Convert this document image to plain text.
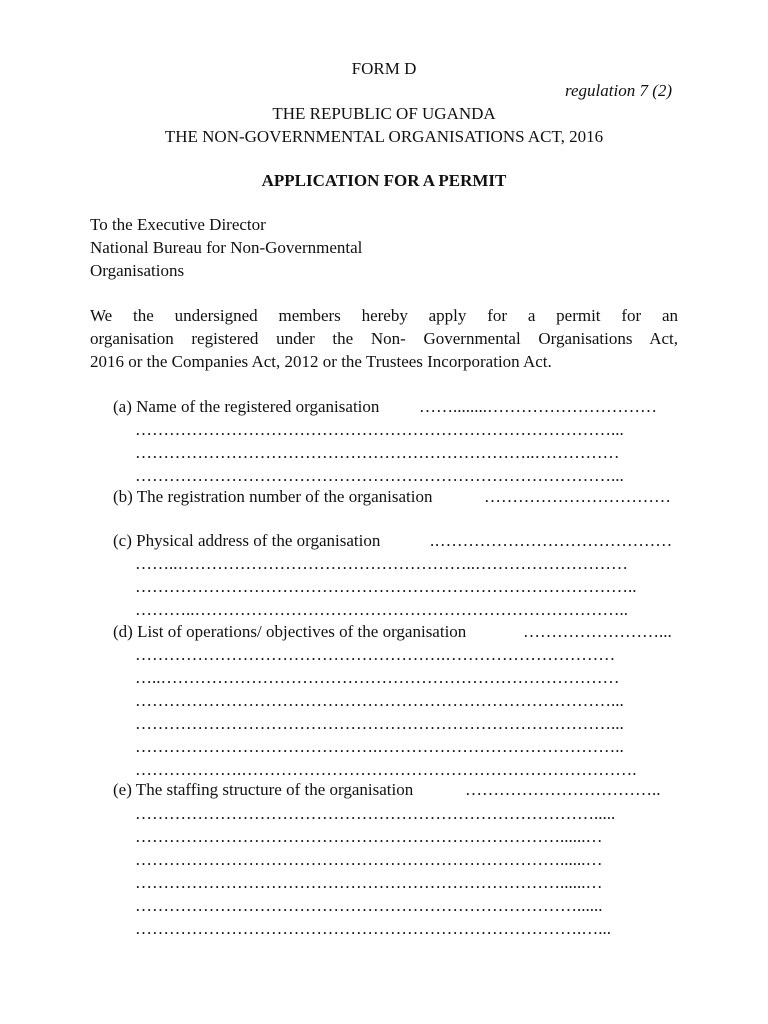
FORM D
regulation 7 (2)
THE REPUBLIC OF UGANDA
THE NON-GOVERNMENTAL ORGANISATIONS ACT, 2016
APPLICATION FOR A PERMIT
To the Executive Director
National Bureau for Non-Governmental
Organisations
We the undersigned members hereby apply for a permit for an
organisation registered under the Non- Governmental Organisations Act,
2016 or the Companies Act, 2012 or the Trustees Incorporation Act.
(a) Name of the registered organisation ……........…………………………
…………………………………………………………………………...
……………………………………………………………..……………
…………………………………………………………………………...
(b) The registration number of the organisation	……………………………
(c) Physical address of the organisation	.……………………………………
……..……………………………………………..………………………
……………………………………………………………………………..
………..…………………………………………………………………..
(d) List of operations/ objectives of the organisation	……………………...
……………………………………………….…………………………
…..………………………………………………………………………
…………………………………………………………………………...
…………………………………………………………………………...
…………………………………….……………………………………..
……………….…………………………………………………………….
(e) The staffing structure of the organisation	……………………………..
……………………………………………………………………….....
…………………………………………………………………......…
…………………………………………………………………......…
…………………………………………………………………......…
……………………………………………………………………......
…………………………………………………………………….…...
